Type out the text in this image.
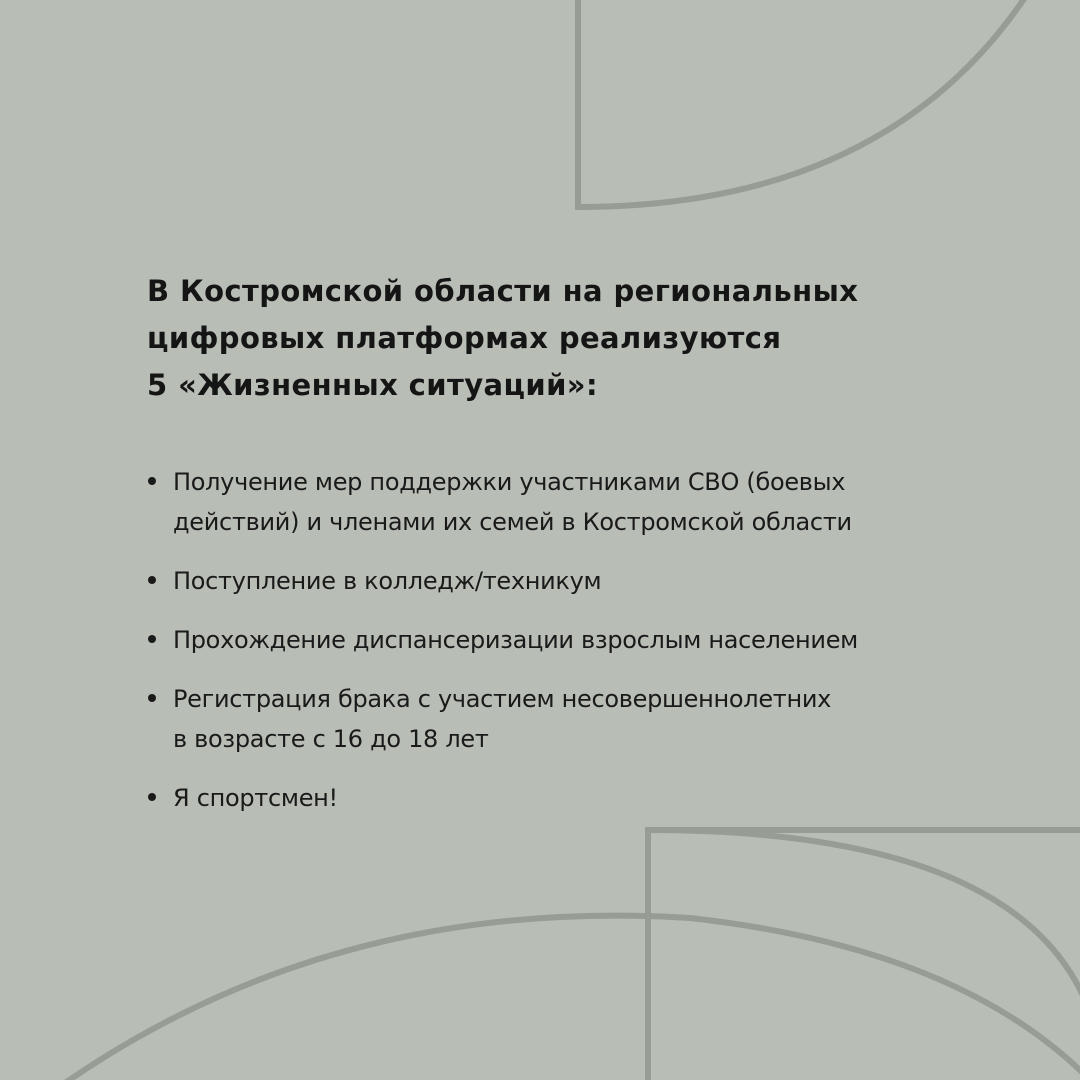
В Костромской области на региональных
цифровых платформах реализуются
5 «Жизненных ситуаций»:
Получение мер поддержки участниками СВО (боевых
действий) и членами их семей в Костромской области
Поступление в колледж/техникум
Прохождение диспансеризации взрослым населением
Регистрация брака с участием несовершеннолетних
в возрасте с 16 до 18 лет
Я спортсмен!
